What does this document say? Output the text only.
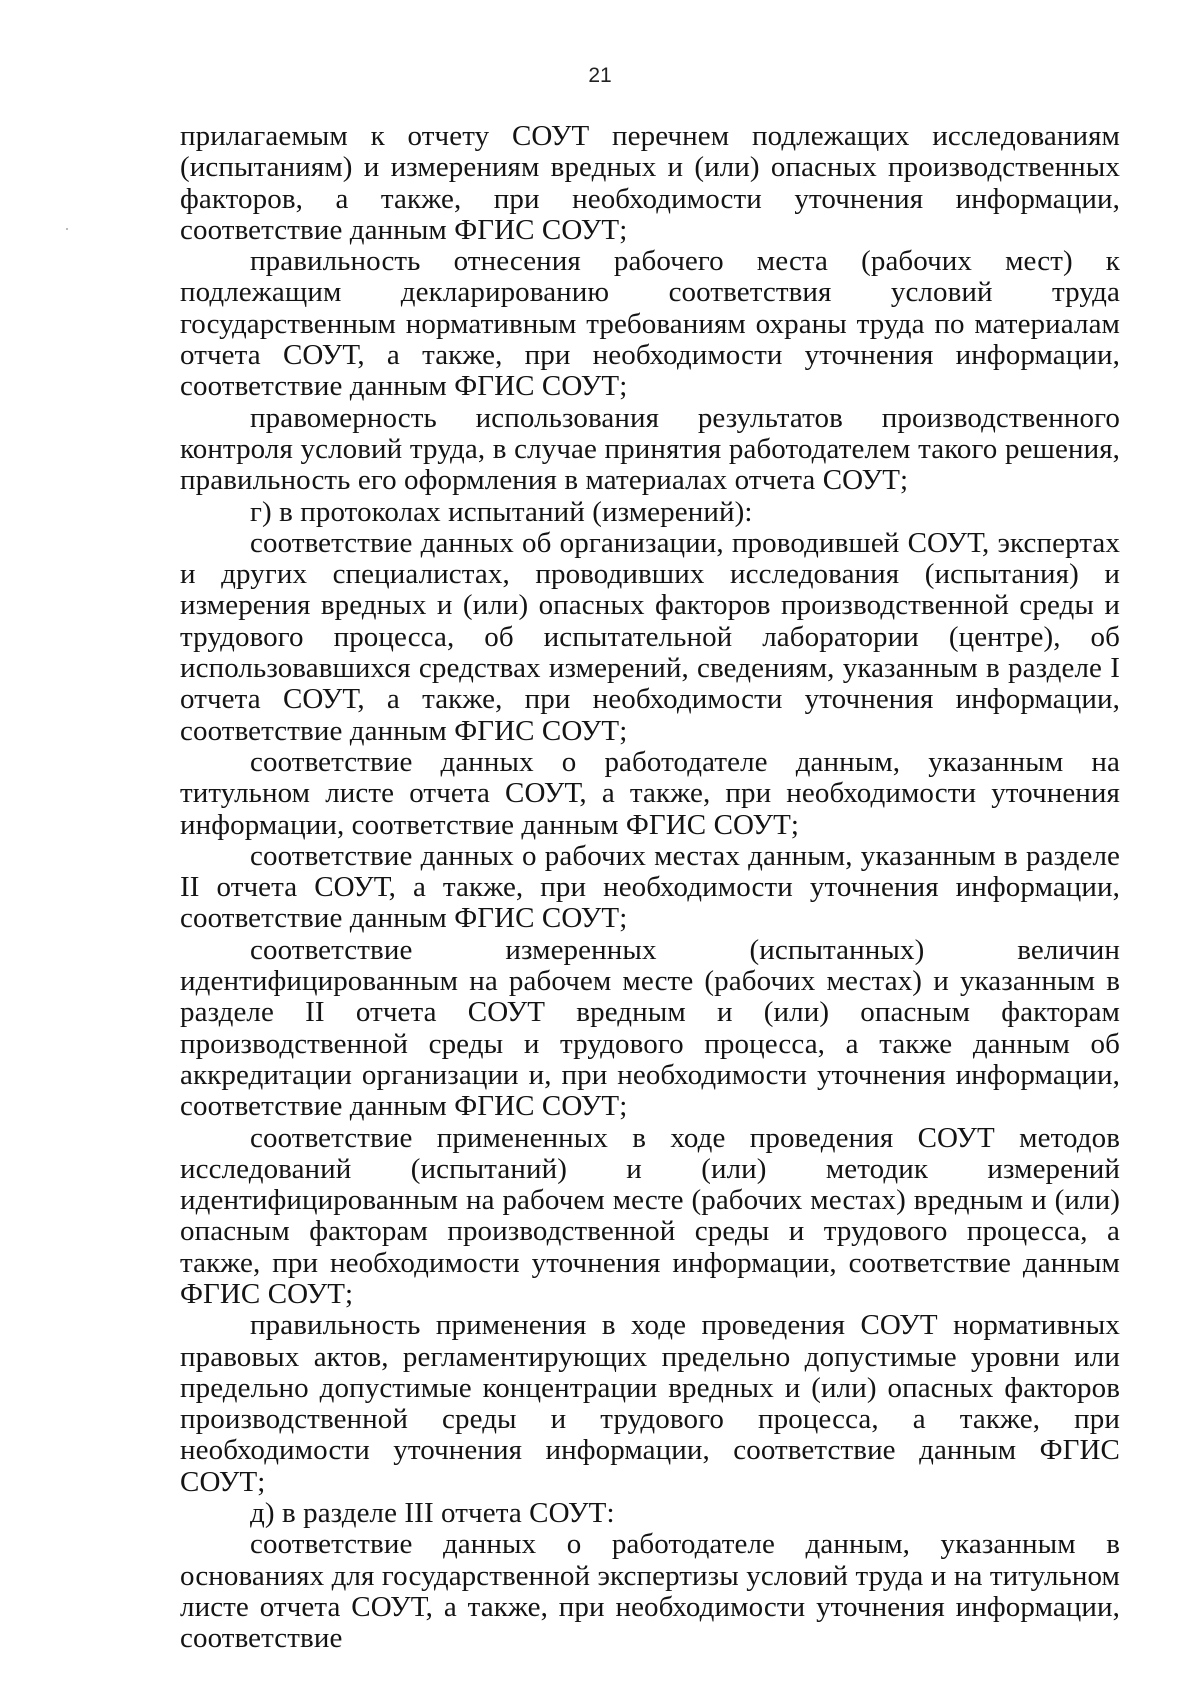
21

прилагаемым к отчету СОУТ перечнем подлежащих исследованиям (испытаниям) и измерениям вредных и (или) опасных производственных факторов, а также, при необходимости уточнения информации, соответствие данным ФГИС СОУТ;

правильность отнесения рабочего места (рабочих мест) к подлежащим декларированию соответствия условий труда государственным нормативным требованиям охраны труда по материалам отчета СОУТ, а также, при необходимости уточнения информации, соответствие данным ФГИС СОУТ;

правомерность использования результатов производственного контроля условий труда, в случае принятия работодателем такого решения, правильность его оформления в материалах отчета СОУТ;

г) в протоколах испытаний (измерений):

соответствие данных об организации, проводившей СОУТ, экспертах и других специалистах, проводивших исследования (испытания) и измерения вредных и (или) опасных факторов производственной среды и трудового процесса, об испытательной лаборатории (центре), об использовавшихся средствах измерений, сведениям, указанным в разделе I отчета СОУТ, а также, при необходимости уточнения информации, соответствие данным ФГИС СОУТ;

соответствие данных о работодателе данным, указанным на титульном листе отчета СОУТ, а также, при необходимости уточнения информации, соответствие данным ФГИС СОУТ;

соответствие данных о рабочих местах данным, указанным в разделе II отчета СОУТ, а также, при необходимости уточнения информации, соответствие данным ФГИС СОУТ;

соответствие измеренных (испытанных) величин идентифицированным на рабочем месте (рабочих местах) и указанным в разделе II отчета СОУТ вредным и (или) опасным факторам производственной среды и трудового процесса, а также данным об аккредитации организации и, при необходимости уточнения информации, соответствие данным ФГИС СОУТ;

соответствие примененных в ходе проведения СОУТ методов исследований (испытаний) и (или) методик измерений идентифицированным на рабочем месте (рабочих местах) вредным и (или) опасным факторам производственной среды и трудового процесса, а также, при необходимости уточнения информации, соответствие данным ФГИС СОУТ;

правильность применения в ходе проведения СОУТ нормативных правовых актов, регламентирующих предельно допустимые уровни или предельно допустимые концентрации вредных и (или) опасных факторов производственной среды и трудового процесса, а также, при необходимости уточнения информации, соответствие данным ФГИС СОУТ;

д) в разделе III отчета СОУТ:

соответствие данных о работодателе данным, указанным в основаниях для государственной экспертизы условий труда и на титульном листе отчета СОУТ, а также, при необходимости уточнения информации, соответствие
